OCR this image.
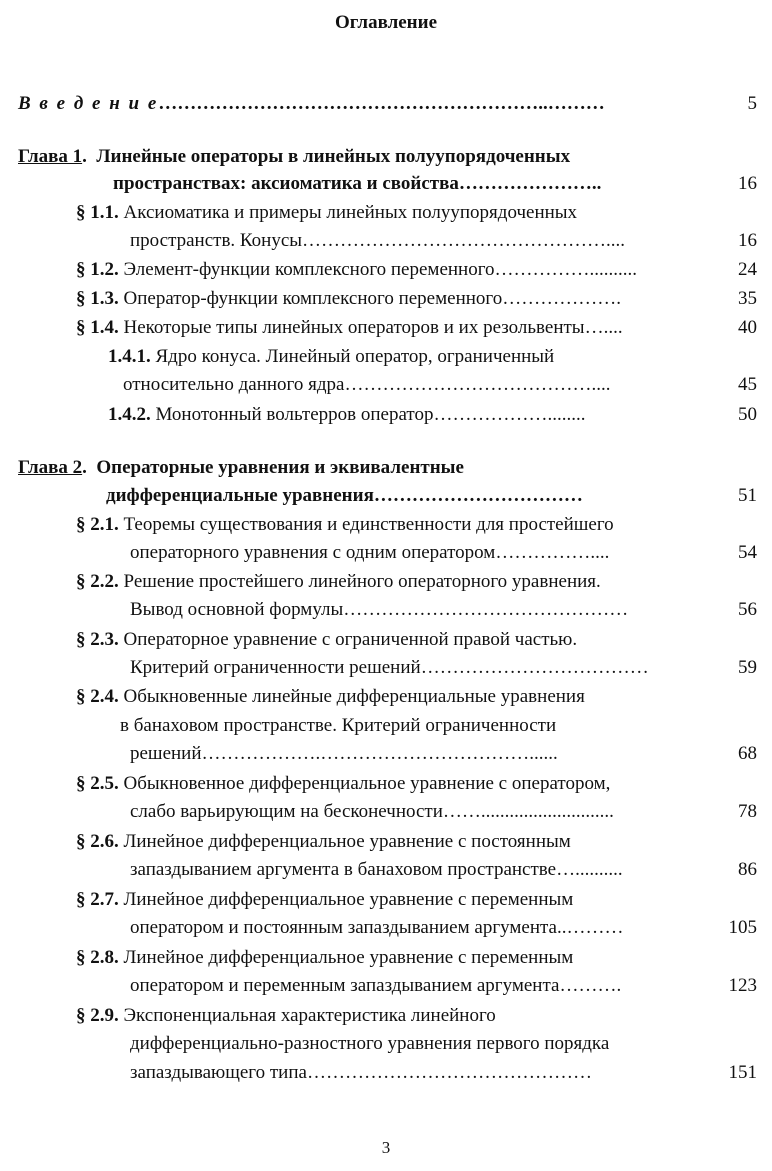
Оглавление
В в е д е н и е……………………………………………………..………	5
Глава 1.  Линейные операторы в линейных полуупорядоченных
пространствах: аксиоматика и свойства…………………..	16
§ 1.1. Аксиоматика и примеры линейных полуупорядоченных
пространств. Конусы…………………………………………....	16
§ 1.2. Элемент-функции комплексного переменного……………..........	24
§ 1.3. Оператор-функции комплексного переменного……………….	35
§ 1.4. Некоторые типы линейных операторов и их резольвенты…....	40
1.4.1. Ядро конуса. Линейный оператор, ограниченный
относительно данного ядра…………………………………....	45
1.4.2. Монотонный вольтерров оператор………………........	50
Глава 2.  Операторные уравнения и эквивалентные
дифференциальные уравнения……………………………	51
§ 2.1. Теоремы существования и единственности для простейшего
операторного уравнения с одним оператором……………....	54
§ 2.2. Решение простейшего линейного операторного уравнения.
Вывод основной формулы………………………………………	56
§ 2.3. Операторное уравнение с ограниченной правой частью.
Критерий ограниченности решений………………………………	59
§ 2.4. Обыкновенные линейные дифференциальные уравнения
в банаховом пространстве. Критерий ограниченности
решений……………….……………………………......	68
§ 2.5. Обыкновенное дифференциальное уравнение с оператором,
слабо варьирующим на бесконечности……............................	78
§ 2.6. Линейное дифференциальное уравнение с постоянным
запаздыванием аргумента в банаховом пространстве…..........	86
§ 2.7. Линейное дифференциальное уравнение с переменным
оператором и постоянным запаздыванием аргумента..………	105
§ 2.8. Линейное дифференциальное уравнение с переменным
оператором и переменным запаздыванием аргумента……….	123
§ 2.9. Экспоненциальная характеристика линейного
дифференциально-разностного уравнения первого порядка
запаздывающего типа………………………………………	151
3
